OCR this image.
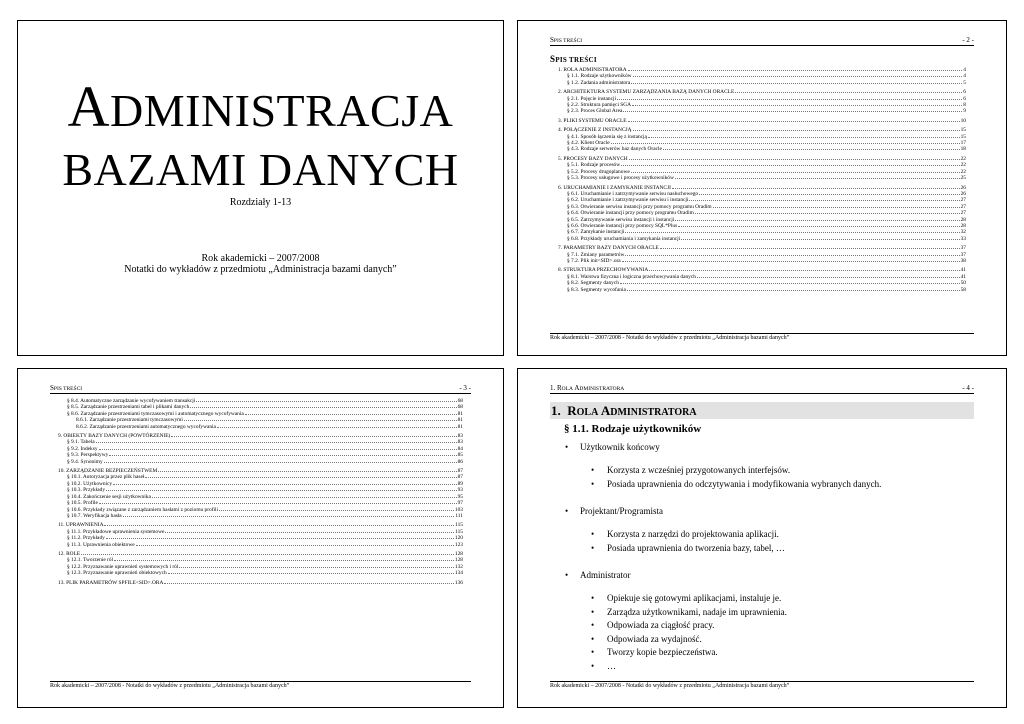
ADMINISTRACJA
BAZAMI DANYCH
Rozdziały 1-13
Rok akademicki – 2007/2008
Notatki do wykładów z przedmiotu „Administracja bazami danych”
SPIS TREŚCI	- 2 -
SPIS TREŚCI
1. ROLA ADMINISTRATORA	4
§ 1.1. Rodzaje użytkowników	4
§ 1.2. Zadania administratora	5
2. ARCHITEKTURA SYSTEMU ZARZĄDZANIA BAZĄ DANYCH ORACLE	6
§ 2.1. Pojęcie instancji	6
§ 2.2. Struktura pamięci SGA	8
§ 2.3. Proces Global Area	9
3. PLIKI SYSTEMU ORACLE	10
4. POŁĄCZENIE Z INSTANCJĄ	15
§ 4.1. Sposób łączenia się z instancją	15
§ 4.2. Klient Oracle	17
§ 4.3. Rodzaje serwerów baz danych Oracle	18
5. PROCESY BAZY DANYCH	22
§ 5.1. Rodzaje procesów	22
§ 5.2. Procesy drugoplanowe	22
§ 5.3. Procesy usługowe i procesy użytkowników	25
6. URUCHAMIANIE I ZAMYKANIE INSTANCJI	26
§ 6.1. Uruchamianie i zatrzymywanie serwisu nasłuchowego	26
§ 6.2. Uruchamianie i zatrzymywanie serwisu i instancji	27
§ 6.3. Otwieranie serwisu instancji przy pomocy programu Oradim	27
§ 6.4. Otwieranie instancji przy pomocy programu Oradim	27
§ 6.5. Zatrzymywanie serwisu instancji i instancji	28
§ 6.6. Otwieranie instancji przy pomocy SQL*Plus	28
§ 6.7. Zamykanie instancji	32
§ 6.8. Przykłady uruchamiania i zamykania instancji	33
7. PARAMETRY BAZY DANYCH ORACLE	37
§ 7.1. Zmiany parametrów	37
§ 7.2. Plik init<SID>.ora	38
8. STRUKTURA PRZECHOWYWANIA	41
§ 8.1. Warstwa fizyczna i logiczna przechowywania danych	41
§ 8.2. Segmenty danych	50
§ 8.3. Segmenty wycofania	58
Rok akademicki – 2007/2008 - Notatki do wykładów z przedmiotu „Administracja bazami danych”
SPIS TREŚCI	- 3 -
§ 8.4. Automatyczne zarządzanie wycofywaniem transakcji	68
§ 8.5. Zarządzanie przestrzeniami tabel i plikami danych	68
§ 8.6. Zarządzanie przestrzeniami tymczasowymi i automatycznego wycofywania	81
8.6.1. Zarządzanie przestrzeniami tymczasowymi	81
8.6.2. Zarządzanie przestrzeniami automatycznego wycofywania	81
9. OBIEKTY BAZY DANYCH (POWTÓRZENIE)	83
§ 9.1. Tabela	83
§ 9.2. Indeksy	84
§ 9.3. Perspektywy	85
§ 9.4. Synonimy	86
10. ZARZĄDZANIE BEZPIECZEŃSTWEM	87
§ 10.1. Autoryzacja przez plik haseł	87
§ 10.2. Użytkownicy	89
§ 10.3. Przykłady	93
§ 10.4. Zakończenie sesji użytkownika	95
§ 10.5. Profile	97
§ 10.6. Przykłady związane z zarządzaniem hasłami z poziomu profili	103
§ 10.7. Weryfikacja hasła	111
11. UPRAWNIENIA	115
§ 11.1. Przykładowe uprawnienia systemowe	115
§ 11.2. Przykłady	120
§ 11.3. Uprawnienia obiektowe	123
12. ROLE	128
§ 12.1. Tworzenie ról	128
§ 12.2. Przyznawanie uprawnień systemowych i ról	132
§ 12.3. Przyznawanie uprawnień obiektowych	134
13. PLIK PARAMETRÓW SPFILE<SID>.ORA	136
Rok akademicki – 2007/2008 - Notatki do wykładów z przedmiotu „Administracja bazami danych”
1. ROLA ADMINISTRATORA	- 4 -
1.  ROLA ADMINISTRATORA
§ 1.1. Rodzaje użytkowników
• Użytkownik końcowy
• Korzysta z wcześniej przygotowanych interfejsów.
• Posiada uprawnienia do odczytywania i modyfikowania wybranych danych.
• Projektant/Programista
• Korzysta z narzędzi do projektowania aplikacji.
• Posiada uprawnienia do tworzenia bazy, tabel, …
• Administrator
• Opiekuje się gotowymi aplikacjami, instaluje je.
• Zarządza użytkownikami, nadaje im uprawnienia.
• Odpowiada za ciągłość pracy.
• Odpowiada za wydajność.
• Tworzy kopie bezpieczeństwa.
• …
Rok akademicki – 2007/2008 - Notatki do wykładów z przedmiotu „Administracja bazami danych”
